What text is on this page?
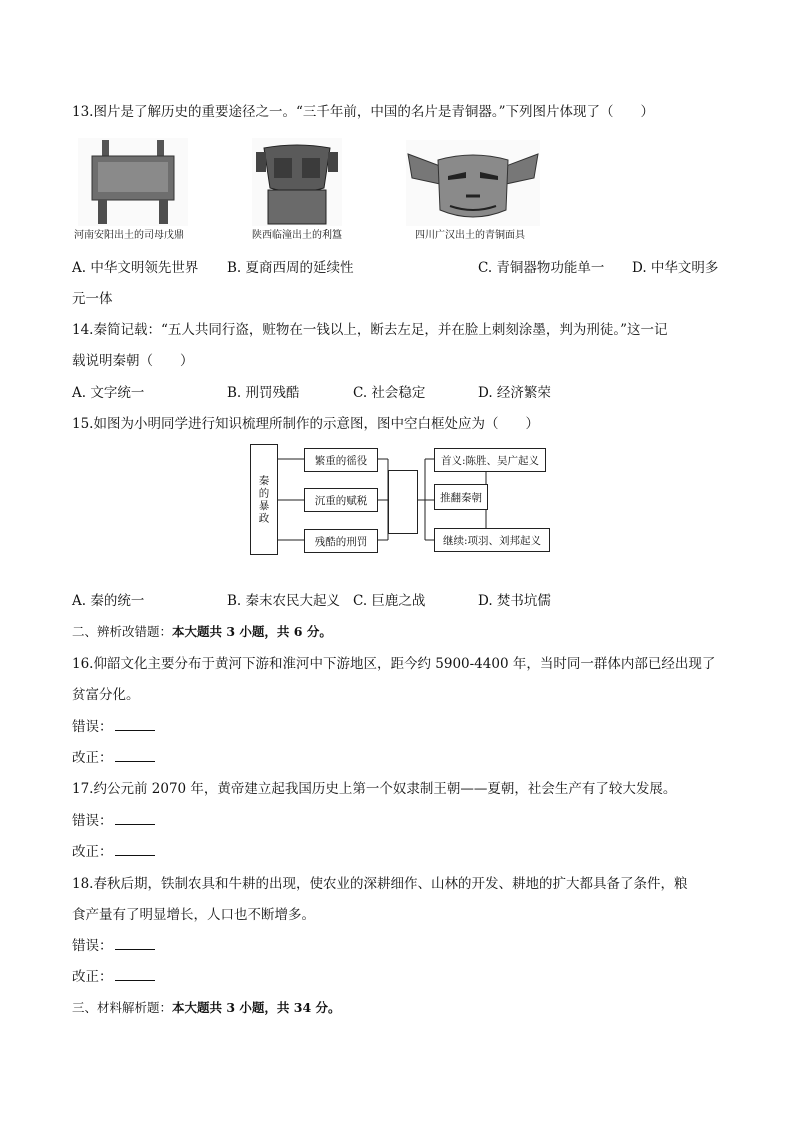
13.图片是了解历史的重要途径之一。“三千年前，中国的名片是青铜器。”下列图片体现了（　　）
河南安阳出土的司母戊鼎	陕西临潼出土的利簋	四川广汉出土的青铜面具
A. 中华文明领先世界 B. 夏商西周的延续性	C. 青铜器物功能单一 D. 中华文明多
元一体
14.秦简记载：“五人共同行盗，赃物在一钱以上，断去左足，并在脸上刺刻涂墨，判为刑徒。”这一记
载说明秦朝（　　）
A. 文字统一	B. 刑罚残酷	C. 社会稳定	D. 经济繁荣
15.如图为小明同学进行知识梳理所制作的示意图，图中空白框处应为（　　）
秦的暴政
繁重的徭役
沉重的赋税
残酷的刑罚
首义:陈胜、吴广起义
推翻秦朝
继续:项羽、刘邦起义
A. 秦的统一	B. 秦末农民大起义 C. 巨鹿之战	D. 焚书坑儒
二、辨析改错题：本大题共 3 小题，共 6 分。
16.仰韶文化主要分布于黄河下游和淮河中下游地区，距今约 5900-4400 年，当时同一群体内部已经出现了
贫富分化。
错误：
改正：
17.约公元前 2070 年，黄帝建立起我国历史上第一个奴隶制王朝——夏朝，社会生产有了较大发展。
错误：
改正：
18.春秋后期，铁制农具和牛耕的出现，使农业的深耕细作、山林的开发、耕地的扩大都具备了条件，粮
食产量有了明显增长，人口也不断增多。
错误：
改正：
三、材料解析题：本大题共 3 小题，共 34 分。
